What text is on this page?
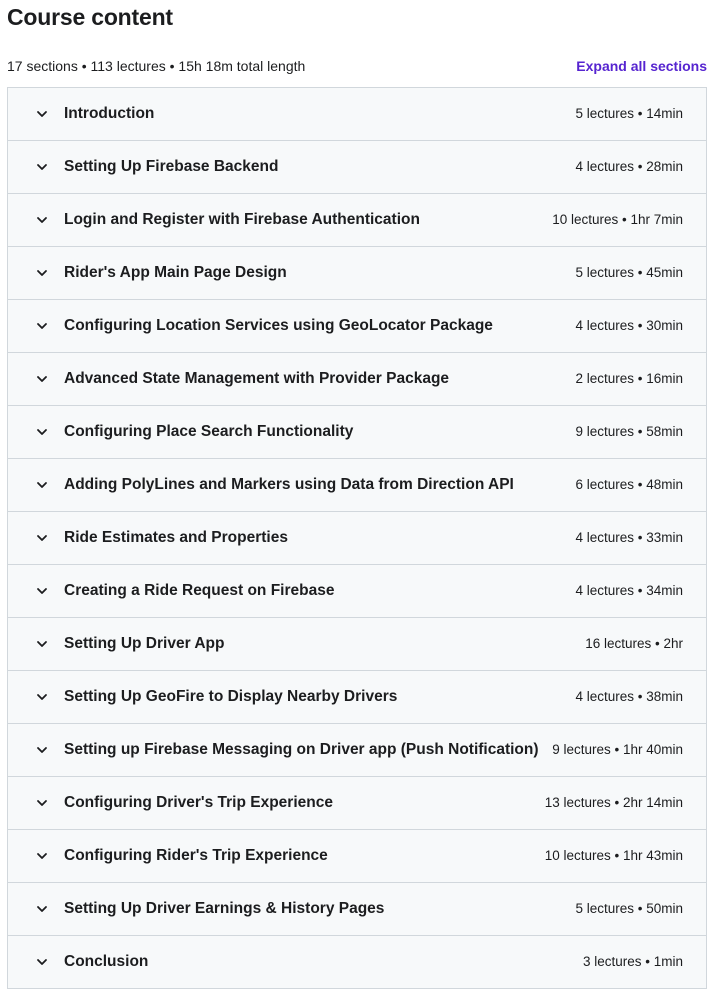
Course content
17 sections • 113 lectures • 15h 18m total length	Expand all sections
Introduction	5 lectures • 14min
Setting Up Firebase Backend	4 lectures • 28min
Login and Register with Firebase Authentication	10 lectures • 1hr 7min
Rider's App Main Page Design	5 lectures • 45min
Configuring Location Services using GeoLocator Package	4 lectures • 30min
Advanced State Management with Provider Package	2 lectures • 16min
Configuring Place Search Functionality	9 lectures • 58min
Adding PolyLines and Markers using Data from Direction API	6 lectures • 48min
Ride Estimates and Properties	4 lectures • 33min
Creating a Ride Request on Firebase	4 lectures • 34min
Setting Up Driver App	16 lectures • 2hr
Setting Up GeoFire to Display Nearby Drivers	4 lectures • 38min
Setting up Firebase Messaging on Driver app (Push Notification) 9 lectures • 1hr 40min
Configuring Driver's Trip Experience	13 lectures • 2hr 14min
Configuring Rider's Trip Experience	10 lectures • 1hr 43min
Setting Up Driver Earnings & History Pages	5 lectures • 50min
Conclusion	3 lectures • 1min
